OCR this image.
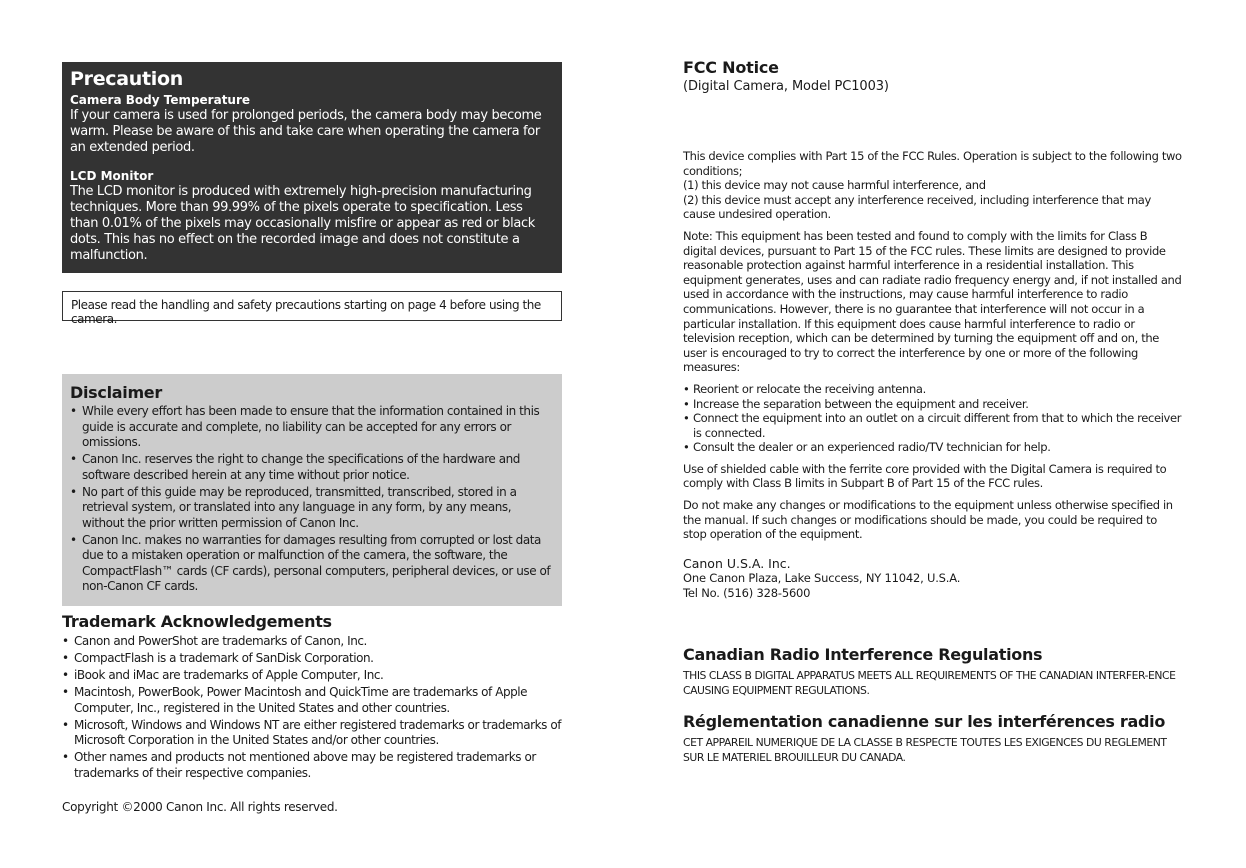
Precaution
Camera Body Temperature

If your camera is used for prolonged periods, the camera body may become warm. Please be aware of this and take care when operating the camera for an extended period.

LCD Monitor

The LCD monitor is produced with extremely high-precision manufacturing techniques. More than 99.99% of the pixels operate to specification. Less than 0.01% of the pixels may occasionally misfire or appear as red or black dots. This has no effect on the recorded image and does not constitute a malfunction.

Please read the handling and safety precautions starting on page 4 before using the camera.
Disclaimer
• While every effort has been made to ensure that the information contained in this guide is accurate and complete, no liability can be accepted for any errors or omissions.
• Canon Inc. reserves the right to change the specifications of the hardware and software described herein at any time without prior notice.
• No part of this guide may be reproduced, transmitted, transcribed, stored in a retrieval system, or translated into any language in any form, by any means, without the prior written permission of Canon Inc.
• Canon Inc. makes no warranties for damages resulting from corrupted or lost data due to a mistaken operation or malfunction of the camera, the software, the CompactFlash™ cards (CF cards), personal computers, peripheral devices, or use of non-Canon CF cards.
Trademark Acknowledgements
• Canon and PowerShot are trademarks of Canon, Inc.
• CompactFlash is a trademark of SanDisk Corporation.
• iBook and iMac are trademarks of Apple Computer, Inc.
• Macintosh, PowerBook, Power Macintosh and QuickTime are trademarks of Apple Computer, Inc., registered in the United States and other countries.
• Microsoft, Windows and Windows NT are either registered trademarks or trademarks of Microsoft Corporation in the United States and/or other countries.
• Other names and products not mentioned above may be registered trademarks or trademarks of their respective companies.
Copyright ©2000 Canon Inc. All rights reserved.
FCC Notice

(Digital Camera, Model PC1003)

This device complies with Part 15 of the FCC Rules. Operation is subject to the following two conditions;
(1) this device may not cause harmful interference, and
(2) this device must accept any interference received, including interference that may cause undesired operation.

Note: This equipment has been tested and found to comply with the limits for Class B digital devices, pursuant to Part 15 of the FCC rules. These limits are designed to provide reasonable protection against harmful interference in a residential installation. This equipment generates, uses and can radiate radio frequency energy and, if not installed and used in accordance with the instructions, may cause harmful interference to radio communications. However, there is no guarantee that interference will not occur in a particular installation. If this equipment does cause harmful interference to radio or television reception, which can be determined by turning the equipment off and on, the user is encouraged to try to correct the interference by one or more of the following measures:

• Reorient or relocate the receiving antenna.
• Increase the separation between the equipment and receiver.
• Connect the equipment into an outlet on a circuit different from that to which the receiver is connected.
• Consult the dealer or an experienced radio/TV technician for help.

Use of shielded cable with the ferrite core provided with the Digital Camera is required to comply with Class B limits in Subpart B of Part 15 of the FCC rules.

Do not make any changes or modifications to the equipment unless otherwise specified in the manual. If such changes or modifications should be made, you could be required to stop operation of the equipment.

Canon U.S.A. Inc.
One Canon Plaza, Lake Success, NY 11042, U.S.A.
Tel No. (516) 328-5600
Canadian Radio Interference Regulations
THIS CLASS B DIGITAL APPARATUS MEETS ALL REQUIREMENTS OF THE CANADIAN INTERFER-ENCE CAUSING EQUIPMENT REGULATIONS.
Réglementation canadienne sur les interférences radio
CET APPAREIL NUMERIQUE DE LA CLASSE B RESPECTE TOUTES LES EXIGENCES DU REGLEMENT SUR LE MATERIEL BROUILLEUR DU CANADA.
